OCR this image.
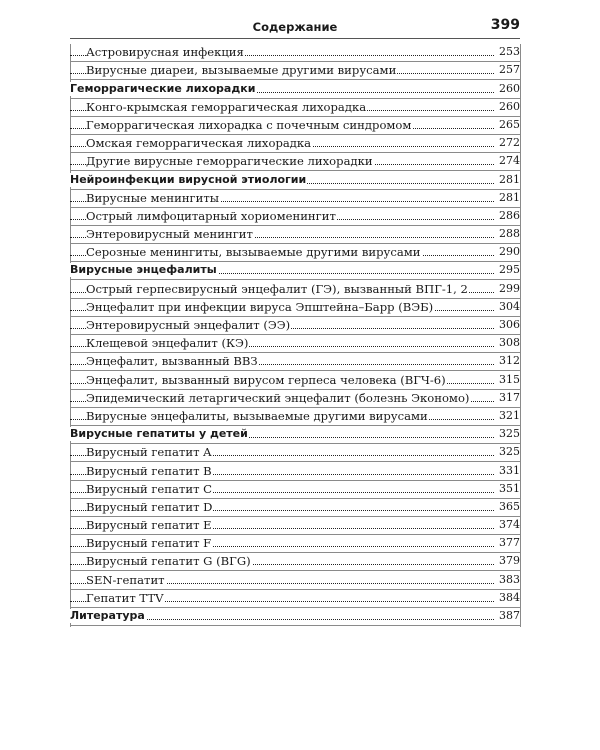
Содержание	399
Астровирусная инфекция	253
Вирусные диареи, вызываемые другими вирусами	257
Геморрагические лихорадки	260
Конго-крымская геморрагическая лихорадка	260
Геморрагическая лихорадка с почечным синдромом	265
Омская геморрагическая лихорадка	272
Другие вирусные геморрагические лихорадки	274
Нейроинфекции вирусной этиологии	281
Вирусные менингиты	281
Острый лимфоцитарный хориоменингит	286
Энтеровирусный менингит	288
Серозные менингиты, вызываемые другими вирусами	290
Вирусные энцефалиты	295
Острый герпесвирусный энцефалит (ГЭ), вызванный ВПГ-1, 2	299
Энцефалит при инфекции вируса Эпштейна–Барр (ВЭБ)	304
Энтеровирусный энцефалит (ЭЭ)	306
Клещевой энцефалит (КЭ)	308
Энцефалит, вызванный ВВЗ	312
Энцефалит, вызванный вирусом герпеса человека (ВГЧ-6)	315
Эпидемический летаргический энцефалит (болезнь Экономо)	317
Вирусные энцефалиты, вызываемые другими вирусами	321
Вирусные гепатиты у детей	325
Вирусный гепатит A	325
Вирусный гепатит B	331
Вирусный гепатит C	351
Вирусный гепатит D	365
Вирусный гепатит E	374
Вирусный гепатит F	377
Вирусный гепатит G (ВГG)	379
SEN-гепатит	383
Гепатит TTV	384
Литература	387
